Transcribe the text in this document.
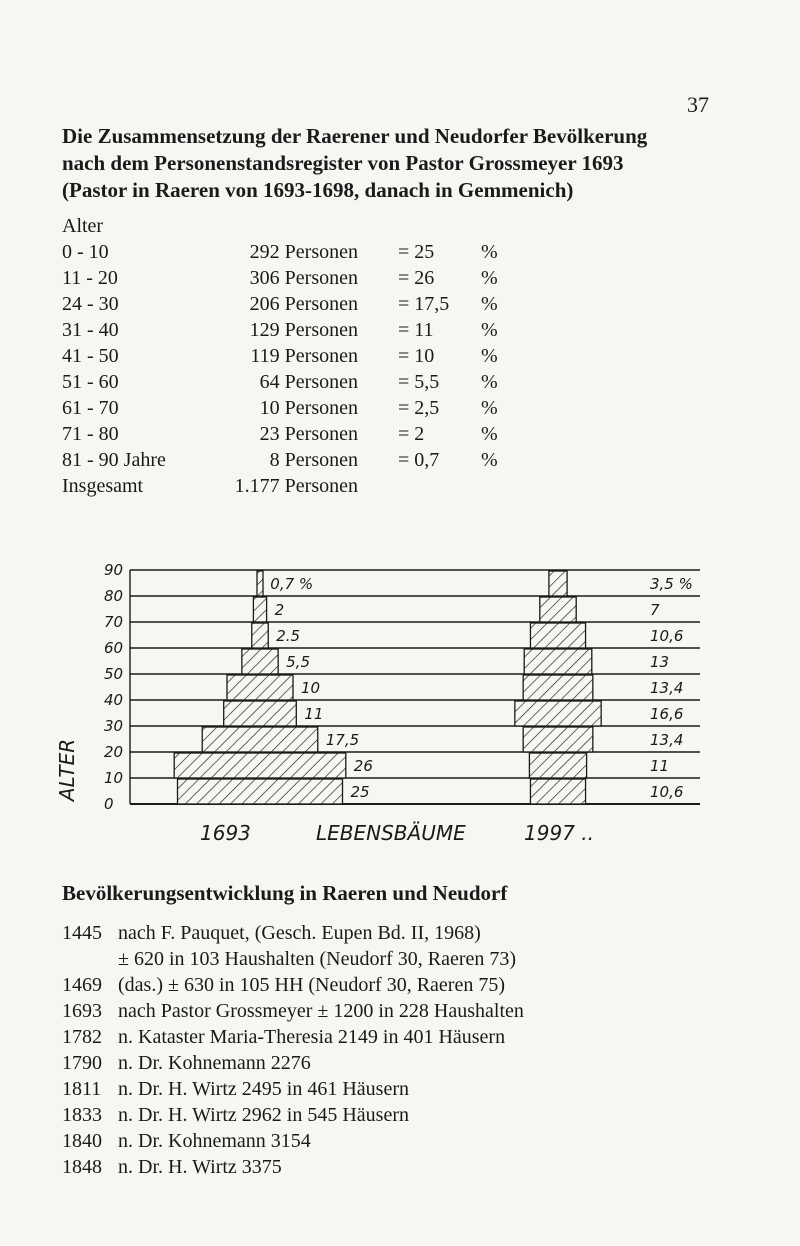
37
Die Zusammensetzung der Raerener und Neudorfer Bevölkerung
nach dem Personenstandsregister von Pastor Grossmeyer 1693
(Pastor in Raeren von 1693-1698, danach in Gemmenich)
Alter
0 - 10	292 Personen = 25 %
11 - 20	306 Personen = 26 %
24 - 30	206 Personen = 17,5 %
31 - 40	129 Personen = 11 %
41 - 50	119 Personen = 10 %
51 - 60	64 Personen = 5,5 %
61 - 70	10 Personen = 2,5 %
71 - 80	23 Personen = 2	%
81 - 90 Jahre	8 Personen = 0,7 %
Insgesamt	1.177 Personen
90
80
70
60
50
40
30
20
10
0
25
26
17,5
11
10
5,5
2.5
2
0,7 %
10,6
11
13,4
16,6
13,4
13
10,6
7
3,5 %
ALTER
1693	LEBENSBÄUME	1997 ..
Bevölkerungsentwicklung in Raeren und Neudorf
1445 nach F. Pauquet, (Gesch. Eupen Bd. II, 1968)
± 620 in 103 Haushalten (Neudorf 30, Raeren 73)
1469 (das.) ± 630 in 105 HH (Neudorf 30, Raeren 75)
1693 nach Pastor Grossmeyer ± 1200 in 228 Haushalten
1782 n. Kataster Maria-Theresia 2149 in 401 Häusern
1790 n. Dr. Kohnemann 2276
1811 n. Dr. H. Wirtz 2495 in 461 Häusern
1833 n. Dr. H. Wirtz 2962 in 545 Häusern
1840 n. Dr. Kohnemann 3154
1848 n. Dr. H. Wirtz 3375
